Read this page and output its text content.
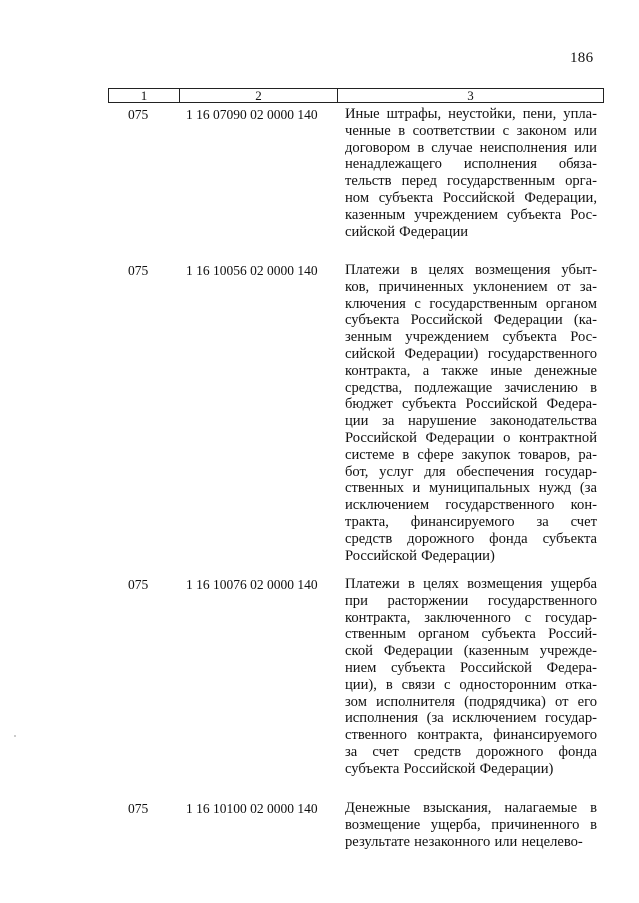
186
1	2	3
075	1 16 07090 02 0000 140	Иные штрафы, неустойки, пени, упла-
ченные в соответствии с законом или
договором в случае неисполнения или
ненадлежащего исполнения обяза-
тельств перед государственным орга-
ном субъекта Российской Федерации,
казенным учреждением субъекта Рос-
сийской Федерации
075	1 16 10056 02 0000 140	Платежи в целях возмещения убыт-
ков, причиненных уклонением от за-
ключения с государственным органом
субъекта Российской Федерации (ка-
зенным учреждением субъекта Рос-
сийской Федерации) государственного
контракта, а также иные денежные
средства, подлежащие зачислению в
бюджет субъекта Российской Федера-
ции за нарушение законодательства
Российской Федерации о контрактной
системе в сфере закупок товаров, ра-
бот, услуг для обеспечения государ-
ственных и муниципальных нужд (за
исключением государственного кон-
тракта, финансируемого за счет
средств дорожного фонда субъекта
Российской Федерации)
075	1 16 10076 02 0000 140	Платежи в целях возмещения ущерба
при расторжении государственного
контракта, заключенного с государ-
ственным органом субъекта Россий-
ской Федерации (казенным учрежде-
нием субъекта Российской Федера-
ции), в связи с односторонним отка-
зом исполнителя (подрядчика) от его
исполнения (за исключением государ-
ственного контракта, финансируемого
за счет средств дорожного фонда
субъекта Российской Федерации)
075	1 16 10100 02 0000 140	Денежные взыскания, налагаемые в
возмещение ущерба, причиненного в
результате незаконного или нецелево-
